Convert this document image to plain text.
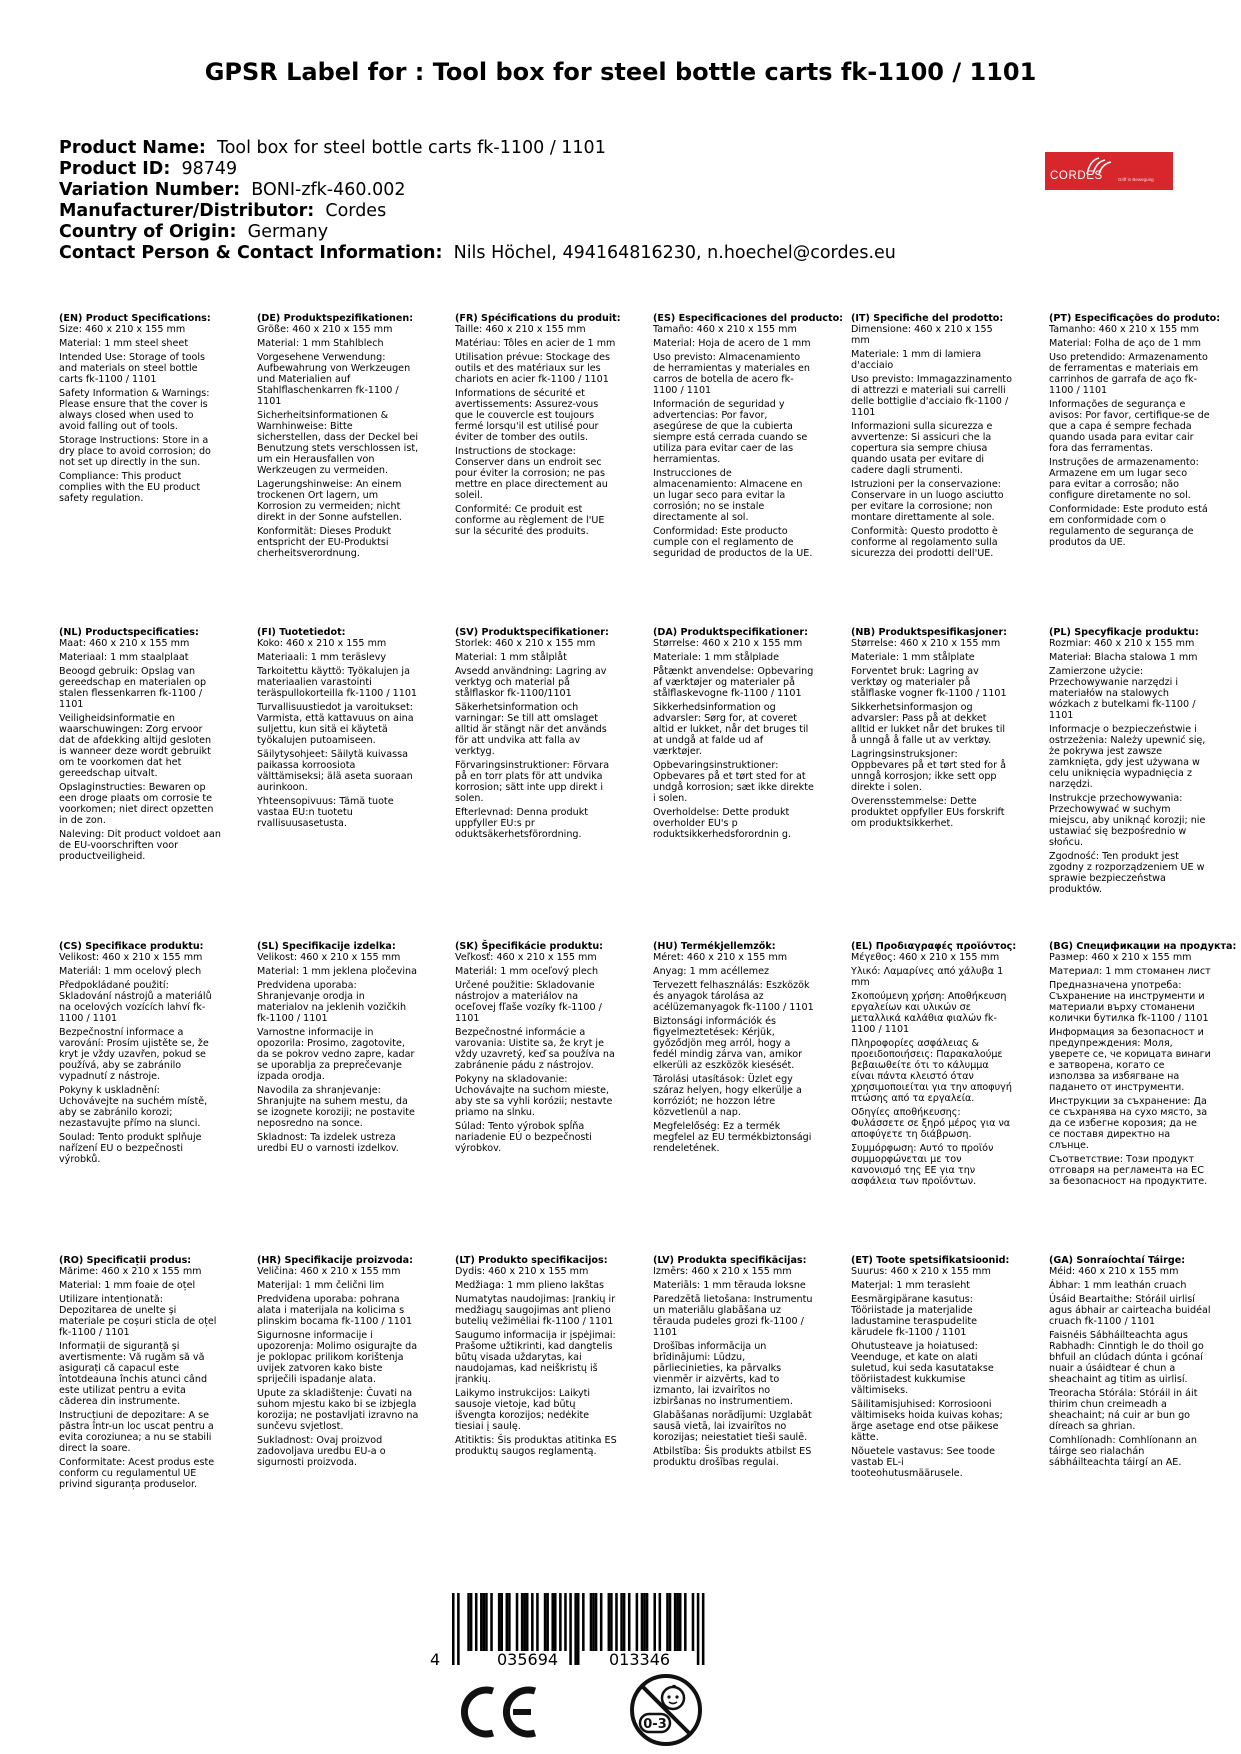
GPSR Label for : Tool box for steel bottle carts fk-1100 / 1101
Product Name: Tool box for steel bottle carts fk-1100 / 1101
Product ID: 98749
Variation Number: BONI-zfk-460.002
Manufacturer/Distributor: Cordes
Country of Origin: Germany
Contact Person & Contact Information: Nils Höchel, 494164816230, n.hoechel@cordes.eu
CORDES	Griff in Bewegung
(EN) Product Specifications:

Size: 460 x 210 x 155 mm

Material: 1 mm steel sheet

Intended Use: Storage of tools and materials on steel bottle carts fk-1100 / 1101

Safety Information & Warnings: Please ensure that the cover is always closed when used to avoid falling out of tools.

Storage Instructions: Store in a dry place to avoid corrosion; do not set up directly in the sun.

Compliance: This product complies with the EU product safety regulation.

(DE) Produktspezifikationen:

Größe: 460 x 210 x 155 mm

Material: 1 mm Stahlblech

Vorgesehene Verwendung: Aufbewahrung von Werkzeugen und Materialien auf Stahlflaschenkarren fk-1100 / 1101

Sicherheitsinformationen & Warnhinweise: Bitte sicherstellen, dass der Deckel bei Benutzung stets verschlossen ist, um ein Herausfallen von Werkzeugen zu vermeiden.

Lagerungshinweise: An einem trockenen Ort lagern, um Korrosion zu vermeiden; nicht direkt in der Sonne aufstellen.

Konformität: Dieses Produkt entspricht der EU-Produktsi cherheitsverordnung.

(FR) Spécifications du produit:

Taille: 460 x 210 x 155 mm

Matériau: Tôles en acier de 1 mm

Utilisation prévue: Stockage des outils et des matériaux sur les chariots en acier fk-1100 / 1101

Informations de sécurité et avertissements: Assurez-vous que le couvercle est toujours fermé lorsqu'il est utilisé pour éviter de tomber des outils.

Instructions de stockage: Conserver dans un endroit sec pour éviter la corrosion; ne pas mettre en place directement au soleil.

Conformité: Ce produit est conforme au règlement de l'UE sur la sécurité des produits.

(ES) Especificaciones del producto:

Tamaño: 460 x 210 x 155 mm

Material: Hoja de acero de 1 mm

Uso previsto: Almacenamiento de herramientas y materiales en carros de botella de acero fk-1100 / 1101

Información de seguridad y advertencias: Por favor, asegúrese de que la cubierta siempre está cerrada cuando se utiliza para evitar caer de las herramientas.

Instrucciones de almacenamiento: Almacene en un lugar seco para evitar la corrosión; no se instale directamente al sol.

Conformidad: Este producto cumple con el reglamento de seguridad de productos de la UE.

(IT) Specifiche del prodotto:

Dimensione: 460 x 210 x 155 mm

Materiale: 1 mm di lamiera d'acciaio

Uso previsto: Immagazzinamento di attrezzi e materiali sui carrelli delle bottiglie d'acciaio fk-1100 / 1101

Informazioni sulla sicurezza e avvertenze: Si assicuri che la copertura sia sempre chiusa quando usata per evitare di cadere dagli strumenti.

Istruzioni per la conservazione: Conservare in un luogo asciutto per evitare la corrosione; non montare direttamente al sole.

Conformità: Questo prodotto è conforme al regolamento sulla sicurezza dei prodotti dell'UE.

(PT) Especificações do produto:

Tamanho: 460 x 210 x 155 mm

Material: Folha de aço de 1 mm

Uso pretendido: Armazenamento de ferramentas e materiais em carrinhos de garrafa de aço fk-1100 / 1101

Informações de segurança e avisos: Por favor, certifique-se de que a capa é sempre fechada quando usada para evitar cair fora das ferramentas.

Instruções de armazenamento: Armazene em um lugar seco para evitar a corrosão; não configure diretamente no sol.

Conformidade: Este produto está em conformidade com o regulamento de segurança de produtos da UE.

(NL) Productspecificaties:

Maat: 460 x 210 x 155 mm

Materiaal: 1 mm staalplaat

Beoogd gebruik: Opslag van gereedschap en materialen op stalen flessenkarren fk-1100 / 1101

Veiligheidsinformatie en waarschuwingen: Zorg ervoor dat de afdekking altijd gesloten is wanneer deze wordt gebruikt om te voorkomen dat het gereedschap uitvalt.

Opslaginstructies: Bewaren op een droge plaats om corrosie te voorkomen; niet direct opzetten in de zon.

Naleving: Dit product voldoet aan de EU-voorschriften voor productveiligheid.

(FI) Tuotetiedot:

Koko: 460 x 210 x 155 mm

Materiaali: 1 mm teräslevy

Tarkoitettu käyttö: Työkalujen ja materiaalien varastointi teräspullokorteilla fk-1100 / 1101

Turvallisuustiedot ja varoitukset: Varmista, että kattavuus on aina suljettu, kun sitä ei käytetä työkalujen putoamiseen.

Säilytysohjeet: Säilytä kuivassa paikassa korroosiota välttämiseksi; älä aseta suoraan aurinkoon.

Yhteensopivuus: Tämä tuote vastaa EU:n tuotetu rvallisuusasetusta.

(SV) Produktspecifikationer:

Storlek: 460 x 210 x 155 mm

Material: 1 mm stålplåt

Avsedd användning: Lagring av verktyg och material på stålflaskor fk-1100/1101

Säkerhetsinformation och varningar: Se till att omslaget alltid är stängt när det används för att undvika att falla av verktyg.

Förvaringsinstruktioner: Förvara på en torr plats för att undvika korrosion; sätt inte upp direkt i solen.

Efterlevnad: Denna produkt uppfyller EU:s pr oduktsäkerhetsförordning.

(DA) Produktspecifikationer:

Størrelse: 460 x 210 x 155 mm

Materiale: 1 mm stålplade

Påtænkt anvendelse: Opbevaring af værktøjer og materialer på stålflaskevogne fk-1100 / 1101

Sikkerhedsinformation og advarsler: Sørg for, at coveret altid er lukket, når det bruges til at undgå at falde ud af værktøjer.

Opbevaringsinstruktioner: Opbevares på et tørt sted for at undgå korrosion; sæt ikke direkte i solen.

Overholdelse: Dette produkt overholder EU's p roduktsikkerhedsforordnin g.

(NB) Produktspesifikasjoner:

Størrelse: 460 x 210 x 155 mm

Materiale: 1 mm stålplate

Forventet bruk: Lagring av verktøy og materialer på stålflaske vogner fk-1100 / 1101

Sikkerhetsinformasjon og advarsler: Pass på at dekket alltid er lukket når det brukes til å unngå å falle ut av verktøy.

Lagringsinstruksjoner: Oppbevares på et tørt sted for å unngå korrosjon; ikke sett opp direkte i solen.

Overensstemmelse: Dette produktet oppfyller EUs forskrift om produktsikkerhet.

(PL) Specyfikacje produktu:

Rozmiar: 460 x 210 x 155 mm

Materiał: Blacha stalowa 1 mm

Zamierzone użycie: Przechowywanie narzędzi i materiałów na stalowych wózkach z butelkami fk-1100 / 1101

Informacje o bezpieczeństwie i ostrzeżenia: Należy upewnić się, że pokrywa jest zawsze zamknięta, gdy jest używana w celu uniknięcia wypadnięcia z narzędzi.

Instrukcje przechowywania: Przechowywać w suchym miejscu, aby uniknąć korozji; nie ustawiać się bezpośrednio w słońcu.

Zgodność: Ten produkt jest zgodny z rozporządzeniem UE w sprawie bezpieczeństwa produktów.

(CS) Specifikace produktu:

Velikost: 460 x 210 x 155 mm

Materiál: 1 mm ocelový plech

Předpokládané použití: Skladování nástrojů a materiálů na ocelových vozících lahví fk-1100 / 1101

Bezpečnostní informace a varování: Prosím ujistěte se, že kryt je vždy uzavřen, pokud se používá, aby se zabránilo vypadnutí z nástroje.

Pokyny k uskladnění: Uchovávejte na suchém místě, aby se zabránilo korozi; nezastavujte přímo na slunci.

Soulad: Tento produkt splňuje nařízení EU o bezpečnosti výrobků.

(SL) Specifikacije izdelka:

Velikost: 460 x 210 x 155 mm

Material: 1 mm jeklena pločevina

Predvidena uporaba: Shranjevanje orodja in materialov na jeklenih vozičkih fk-1100 / 1101

Varnostne informacije in opozorila: Prosimo, zagotovite, da se pokrov vedno zapre, kadar se uporablja za preprečevanje izpada orodja.

Navodila za shranjevanje: Shranjujte na suhem mestu, da se izognete koroziji; ne postavite neposredno na sonce.

Skladnost: Ta izdelek ustreza uredbi EU o varnosti izdelkov.

(SK) Špecifikácie produktu:

Veľkosť: 460 x 210 x 155 mm

Materiál: 1 mm oceľový plech

Určené použitie: Skladovanie nástrojov a materiálov na oceľovej fľaše vozíky fk-1100 / 1101

Bezpečnostné informácie a varovania: Uistite sa, že kryt je vždy uzavretý, keď sa používa na zabránenie pádu z nástrojov.

Pokyny na skladovanie: Uchovávajte na suchom mieste, aby ste sa vyhli korózii; nestavte priamo na slnku.

Súlad: Tento výrobok spĺňa nariadenie EÚ o bezpečnosti výrobkov.

(HU) Termékjellemzők:

Méret: 460 x 210 x 155 mm

Anyag: 1 mm acéllemez

Tervezett felhasználás: Eszközök és anyagok tárolása az acélüzemanyagok fk-1100 / 1101

Biztonsági információk és figyelmeztetések: Kérjük, győződjön meg arról, hogy a fedél mindig zárva van, amikor elkerüli az eszközök kiesését.

Tárolási utasítások: Üzlet egy száraz helyen, hogy elkerülje a korróziót; ne hozzon létre közvetlenül a nap.

Megfelelőség: Ez a termék megfelel az EU termékbiztonsági rendeletének.

(EL) Προδιαγραφές προϊόντος:

Μέγεθος: 460 x 210 x 155 mm

Υλικό: Λαμαρίνες από χάλυβα 1 mm

Σκοπούμενη χρήση: Αποθήκευση εργαλείων και υλικών σε μεταλλικά καλάθια φιαλών fk-1100 / 1101

Πληροφορίες ασφάλειας & προειδοποιήσεις: Παρακαλούμε βεβαιωθείτε ότι το κάλυμμα είναι πάντα κλειστό όταν χρησιμοποιείται για την αποφυγή πτώσης από τα εργαλεία.

Οδηγίες αποθήκευσης: Φυλάσσετε σε ξηρό μέρος για να αποφύγετε τη διάβρωση.

Συμμόρφωση: Αυτό το προϊόν συμμορφώνεται με τον κανονισμό της ΕΕ για την ασφάλεια των προϊόντων.

(BG) Спецификации на продукта:

Размер: 460 x 210 x 155 mm

Материал: 1 mm стоманен лист

Предназначена употреба: Съхранение на инструменти и материали върху стоманени колички бутилка fk-1100 / 1101

Информация за безопасност и предупреждения: Моля, уверете се, че корицата винаги е затворена, когато се използва за избягване на падането от инструменти.

Инструкции за съхранение: Да се съхранява на сухо място, за да се избегне корозия; да не се поставя директно на слънце.

Съответствие: Този продукт отговаря на регламента на ЕС за безопасност на продуктите.

(RO) Specificații produs:

Mărime: 460 x 210 x 155 mm

Material: 1 mm foaie de oțel

Utilizare intenționată: Depozitarea de unelte și materiale pe coșuri sticla de oțel fk-1100 / 1101

Informații de siguranță și avertismente: Vă rugăm să vă asigurați că capacul este întotdeauna închis atunci când este utilizat pentru a evita căderea din instrumente.

Instrucțiuni de depozitare: A se păstra într-un loc uscat pentru a evita coroziunea; a nu se stabili direct la soare.

Conformitate: Acest produs este conform cu regulamentul UE privind siguranța produselor.

(HR) Specifikacije proizvoda:

Veličina: 460 x 210 x 155 mm

Materijal: 1 mm čelični lim

Predviđena uporaba: pohrana alata i materijala na kolicima s plinskim bocama fk-1100 / 1101

Sigurnosne informacije i upozorenja: Molimo osigurajte da je poklopac prilikom korištenja uvijek zatvoren kako biste spriječili ispadanje alata.

Upute za skladištenje: Čuvati na suhom mjestu kako bi se izbjegla korozija; ne postavljati izravno na sunčevu svjetlost.

Sukladnost: Ovaj proizvod zadovoljava uredbu EU-a o sigurnosti proizvoda.

(LT) Produkto specifikacijos:

Dydis: 460 x 210 x 155 mm

Medžiaga: 1 mm plieno lakštas

Numatytas naudojimas: Įrankių ir medžiagų saugojimas ant plieno butelių vežimėliai fk-1100 / 1101

Saugumo informacija ir įspėjimai: Prašome užtikrinti, kad dangtelis būtų visada uždarytas, kai naudojamas, kad neiškristų iš įrankių.

Laikymo instrukcijos: Laikyti sausoje vietoje, kad būtų išvengta korozijos; nedėkite tiesiai į saulę.

Atitiktis: Šis produktas atitinka ES produktų saugos reglamentą.

(LV) Produkta specifikācijas:

Izmērs: 460 x 210 x 155 mm

Materiāls: 1 mm tērauda loksne

Paredzētā lietošana: Instrumentu un materiālu glabāšana uz tērauda pudeles grozi fk-1100 / 1101

Drošības informācija un brīdinājumi: Lūdzu, pārliecinieties, ka pārvalks vienmēr ir aizvērts, kad to izmanto, lai izvairītos no izbiršanas no instrumentiem.

Glabāšanas norādījumi: Uzglabāt sausā vietā, lai izvairītos no korozijas; neiestatiet tieši saulē.

Atbilstība: Šis produkts atbilst ES produktu drošības regulai.

(ET) Toote spetsifikatsioonid:

Suurus: 460 x 210 x 155 mm

Materjal: 1 mm terasleht

Eesmärgipärane kasutus: Tööriistade ja materjalide ladustamine teraspudelite kärudele fk-1100 / 1101

Ohutusteave ja hoiatused: Veenduge, et kate on alati suletud, kui seda kasutatakse tööriistadest kukkumise vältimiseks.

Säilitamisjuhised: Korrosiooni vältimiseks hoida kuivas kohas; ärge asetage end otse päikese kätte.

Nõuetele vastavus: See toode vastab EL-i tooteohutusmäärusele.

(GA) Sonraíochtaí Táirge:

Méid: 460 x 210 x 155 mm

Ábhar: 1 mm leathán cruach

Úsáid Beartaithe: Stóráil uirlisí agus ábhair ar cairteacha buidéal cruach fk-1100 / 1101

Faisnéis Sábháilteachta agus Rabhadh: Cinntigh le do thoil go bhfuil an clúdach dúnta i gcónaí nuair a úsáidtear é chun a sheachaint ag titim as uirlisí.

Treoracha Stórála: Stóráil in áit thirim chun creimeadh a sheachaint; ná cuir ar bun go díreach sa ghrian.

Comhlíonadh: Comhlíonann an táirge seo rialachán sábháilteachta táirgí an AE.

4	035694	013346
0-3
